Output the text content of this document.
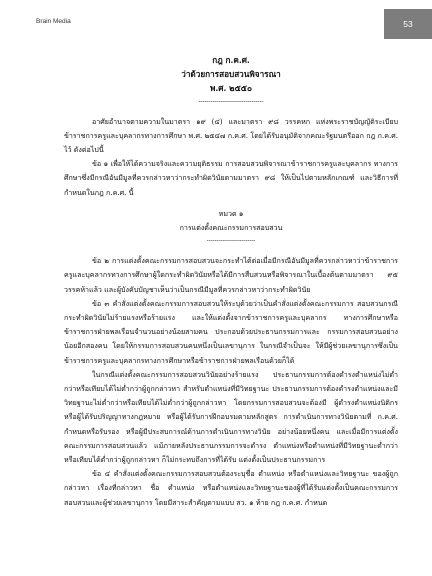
Brain Media	53
กฎ ก.ค.ศ.
ว่าด้วยการสอบสวนพิจารณา
พ.ศ. ๒๕๕๐
--------------------------------

อาศัยอำนาจตามความในมาตรา ๑๙ (๔) และมาตรา ๙๘ วรรคหก แห่งพระราชบัญญัติระเบียบข้าราชการครูและบุคลากรทางการศึกษา พ.ศ. ๒๕๔๗ ก.ค.ศ. โดยได้รับอนุมัติจากคณะรัฐมนตรีออก กฎ ก.ค.ศ. ไว้ ดังต่อไปนี้

ข้อ ๑ เพื่อให้ได้ความจริงและความยุติธรรม การสอบสวนพิจารณาข้าราชการครูและบุคลากร ทางการศึกษาซึ่งมีกรณีอันมีมูลที่ควรกล่าวหาว่ากระทำผิดวินัยตามมาตรา ๙๘ ให้เป็นไปตามหลักเกณฑ์ และวิธีการที่กำหนดในกฎ ก.ค.ศ. นี้

หมวด ๑
การแต่งตั้งคณะกรรมการสอบสวน
------------------------

ข้อ ๒ การแต่งตั้งคณะกรรมการสอบสวนจะกระทำได้ต่อเมื่อมีกรณีอันมีมูลที่ควรกล่าวหาว่าข้าราชการครูและบุคลากรทางการศึกษาผู้ใดกระทำผิดวินัยหรือได้มีการสืบสวนหรือพิจารณาในเบื้องต้นตามมาตรา ๙๕ วรรคห้าแล้ว และผู้บังคับบัญชาเห็นว่าเป็นกรณีมีมูลที่ควรกล่าวหาว่ากระทำผิดวินัย

ข้อ ๓ คำสั่งแต่งตั้งคณะกรรมการสอบสวนให้ระบุด้วยว่าเป็นคำสั่งแต่งตั้งคณะกรรมการ สอบสวนกรณีกระทำผิดวินัยไม่ร้ายแรงหรือร้ายแรง และให้แต่งตั้งจากข้าราชการครูและบุคลากร ทางการศึกษาหรือข้าราชการฝ่ายพลเรือนจำนวนอย่างน้อยสามคน ประกอบด้วยประธานกรรมการและ กรรมการสอบสวนอย่างน้อยอีกสองคน โดยให้กรรมการสอบสวนคนหนึ่งเป็นเลขานุการ ในกรณีจำเป็นจะ ให้มีผู้ช่วยเลขานุการซึ่งเป็นข้าราชการครูและบุคลากรทางการศึกษาหรือข้าราชการฝ่ายพลเรือนด้วยก็ได้

ในกรณีแต่งตั้งคณะกรรมการสอบสวนวินัยอย่างร้ายแรง ประธานกรรมการต้องดำรงตำแหน่งไม่ต่ำกว่าหรือเทียบได้ไม่ต่ำกว่าผู้ถูกกล่าวหา สำหรับตำแหน่งที่มีวิทยฐานะ ประธานกรรมการต้องดำรงตำแหน่งและมีวิทยฐานะไม่ต่ำกว่าหรือเทียบได้ไม่ต่ำกว่าผู้ถูกกล่าวหา โดยกรรมการสอบสวนจะต้องมี ผู้ดำรงตำแหน่งนิติกร หรือผู้ได้รับปริญญาทางกฎหมาย หรือผู้ได้รับการฝึกอบรมตามหลักสูตร การดำเนินการทางวินัยตามที่ ก.ค.ศ. กำหนดหรือรับรอง หรือผู้มีประสบการณ์ด้านการดำเนินการทางวินัย อย่างน้อยหนึ่งคน และเมื่อมีการแต่งตั้งคณะกรรมการสอบสวนแล้ว แม้ภายหลังประธานกรรมการจะดำรง ตำแหน่งหรือตำแหน่งที่มีวิทยฐานะต่ำกว่าหรือเทียบได้ต่ำกว่าผู้ถูกกล่าวหา ก็ไม่กระทบถึงการที่ได้รับ แต่งตั้งเป็นประธานกรรมการ

ข้อ ๔ คำสั่งแต่งตั้งคณะกรรมการสอบสวนต้องระบุชื่อ ตำแหน่ง หรือตำแหน่งและวิทยฐานะ ของผู้ถูกกล่าวหา เรื่องที่กล่าวหา ชื่อ ตำแหน่ง หรือตำแหน่งและวิทยฐานะของผู้ที่ได้รับแต่งตั้งเป็นคณะกรรมการสอบสวนและผู้ช่วยเลขานุการ โดยมีสาระสำคัญตามแบบ สว. ๑ ท้าย กฎ ก.ค.ศ. กำหนด
